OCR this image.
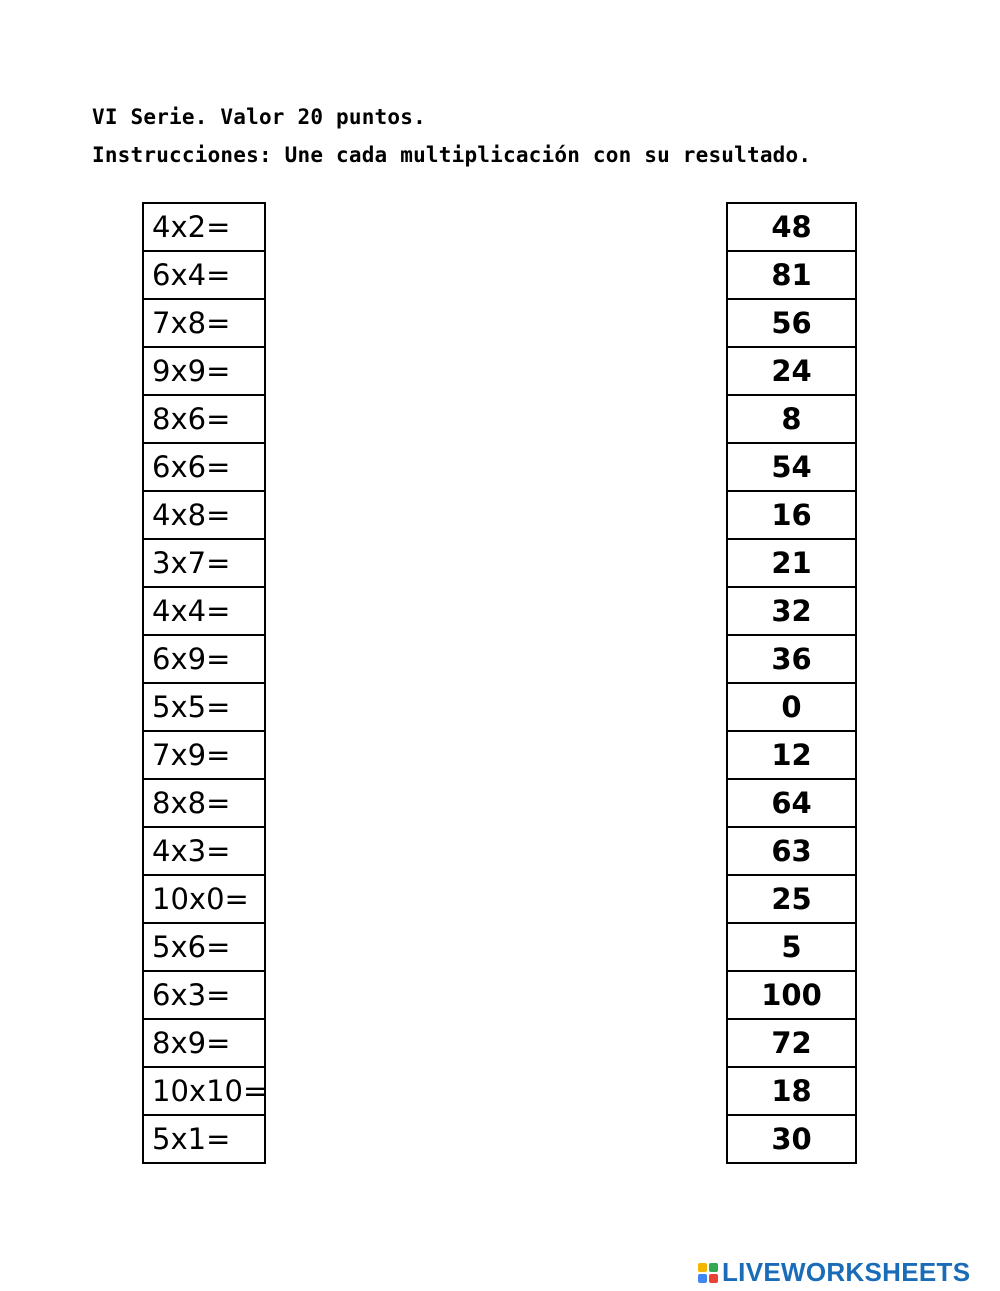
VI Serie. Valor 20 puntos.
Instrucciones: Une cada multiplicación con su resultado.
4x2=
6x4=
7x8=
9x9=
8x6=
6x6=
4x8=
3x7=
4x4=
6x9=
5x5=
7x9=
8x8=
4x3=
10x0=
5x6=
6x3=
8x9=
10x10=
5x1=
48
81
56
24
8
54
16
21
32
36
0
12
64
63
25
5
100
72
18
30
LIVEWORKSHEETS
